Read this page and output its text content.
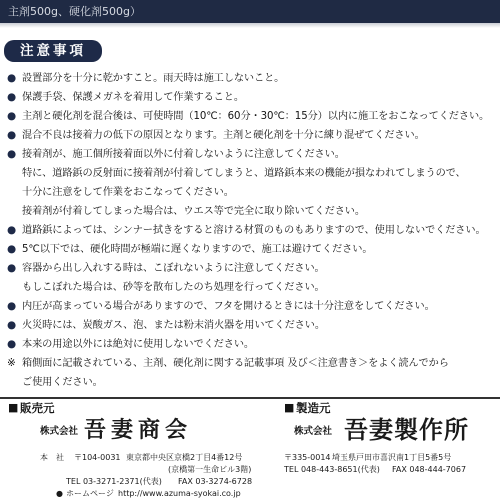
主剤500g、硬化剤500g）
注意事項
● 設置部分を十分に乾かすこと。雨天時は施工しないこと。
● 保護手袋、保護メガネを着用して作業すること。
● 主剤と硬化剤を混合後は、可使時間（10℃：60分・30℃：15分）以内に施工をおこなってください。
● 混合不良は接着力の低下の原因となります。主剤と硬化剤を十分に練り混ぜてください。
● 接着剤が、施工個所接着面以外に付着しないように注意してください。
特に、道路鋲の反射面に接着剤が付着してしまうと、道路鋲本来の機能が損なわれてしまうので、
十分に注意をして作業をおこなってください。
接着剤が付着してしまった場合は、ウエス等で完全に取り除いてください。
● 道路鋲によっては、シンナー拭きをすると溶ける材質のものもありますので、使用しないでください。
● 5℃以下では、硬化時間が極端に遅くなりますので、施工は避けてください。
● 容器から出し入れする時は、こぼれないように注意してください。
もしこぼれた場合は、砂等を散布したのち処理を行ってください。
● 内圧が高まっている場合がありますので、フタを開けるときには十分注意をしてください。
● 火災時には、炭酸ガス、泡、または粉末消火器を用いてください。
● 本来の用途以外には絶対に使用しないでください。
※ 箱側面に記載されている、主剤、硬化剤に関する記載事項 及び＜注意書き＞をよく読んでから
ご使用ください。
■ 販売元
株式会社 吾妻商会
本　社 〒104-0031 東京都中央区京橋2丁目4番12号
(京橋第一生命ビル3階)
TEL 03-3271-2371(代表) FAX 03-3274-6728
● ホームページ http://www.azuma-syokai.co.jp
■ 製造元
株式会社 吾妻製作所
〒335-0014 埼玉県戸田市喜沢南1丁目5番5号
TEL 048-443-8651(代表) FAX 048-444-7067
